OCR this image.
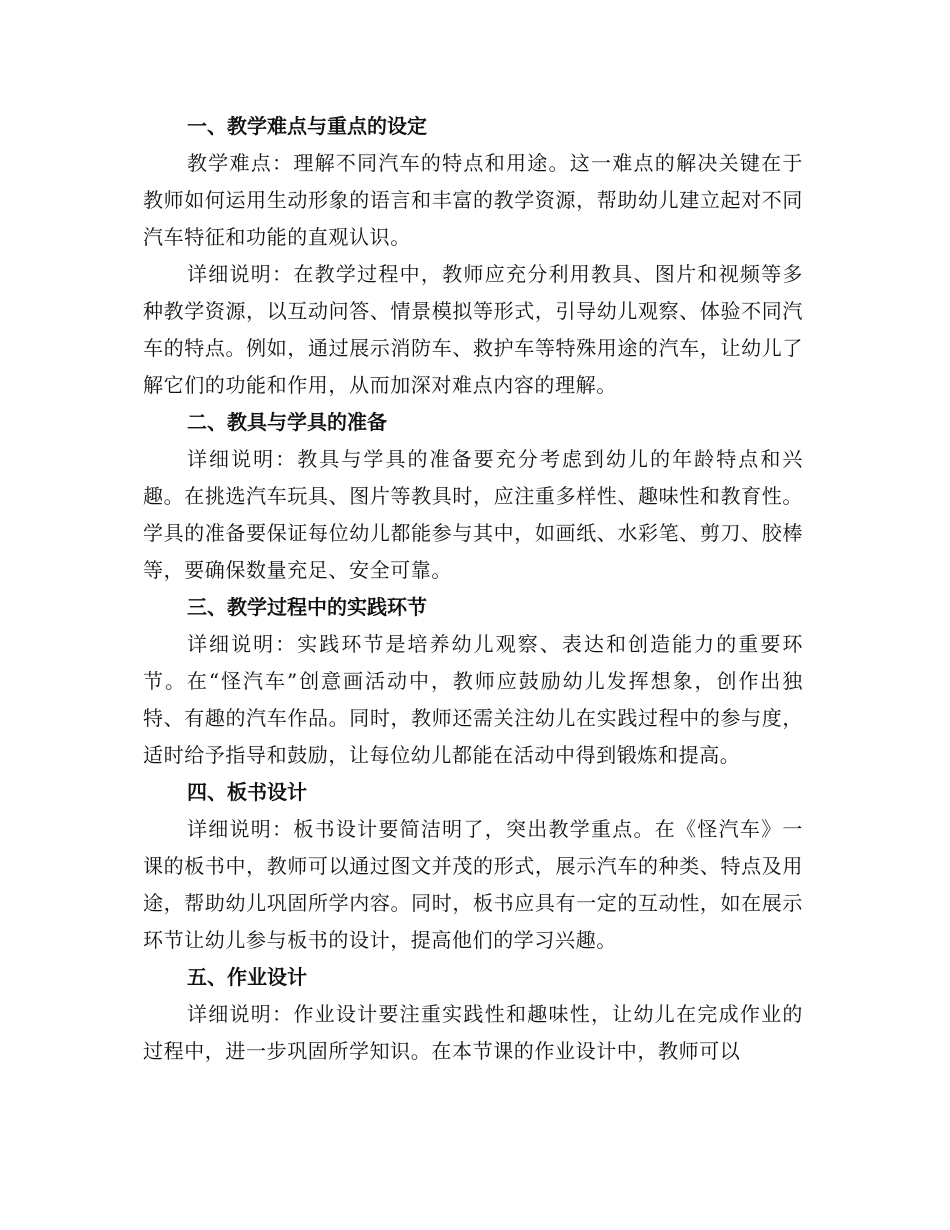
一、教学难点与重点的设定

教学难点：理解不同汽车的特点和用途。这一难点的解决关键在于教师如何运用生动形象的语言和丰富的教学资源，帮助幼儿建立起对不同汽车特征和功能的直观认识。

详细说明：在教学过程中，教师应充分利用教具、图片和视频等多种教学资源，以互动问答、情景模拟等形式，引导幼儿观察、体验不同汽车的特点。例如，通过展示消防车、救护车等特殊用途的汽车，让幼儿了解它们的功能和作用，从而加深对难点内容的理解。

二、教具与学具的准备

详细说明：教具与学具的准备要充分考虑到幼儿的年龄特点和兴趣。在挑选汽车玩具、图片等教具时，应注重多样性、趣味性和教育性。学具的准备要保证每位幼儿都能参与其中，如画纸、水彩笔、剪刀、胶棒等，要确保数量充足、安全可靠。

三、教学过程中的实践环节

详细说明：实践环节是培养幼儿观察、表达和创造能力的重要环节。在“怪汽车”创意画活动中，教师应鼓励幼儿发挥想象，创作出独特、有趣的汽车作品。同时，教师还需关注幼儿在实践过程中的参与度，适时给予指导和鼓励，让每位幼儿都能在活动中得到锻炼和提高。

四、板书设计

详细说明：板书设计要简洁明了，突出教学重点。在《怪汽车》一课的板书中，教师可以通过图文并茂的形式，展示汽车的种类、特点及用途，帮助幼儿巩固所学内容。同时，板书应具有一定的互动性，如在展示环节让幼儿参与板书的设计，提高他们的学习兴趣。

五、作业设计

详细说明：作业设计要注重实践性和趣味性，让幼儿在完成作业的过程中，进一步巩固所学知识。在本节课的作业设计中，教师可以
